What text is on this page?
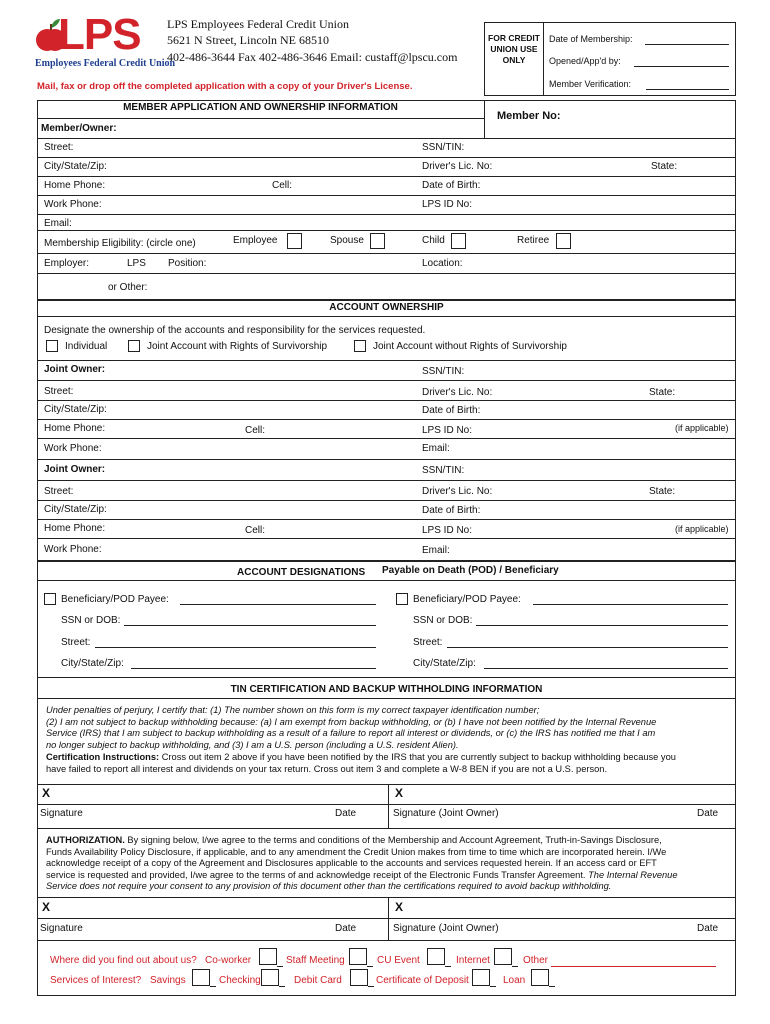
LPS
Employees Federal Credit Union
LPS Employees Federal Credit Union
5621 N Street, Lincoln NE 68510
402-486-3644 Fax 402-486-3646 Email: custaff@lpscu.com
Mail, fax or drop off the completed application with a copy of your Driver's License.
FOR CREDIT UNION USE ONLY
Date of Membership:
Opened/App'd by:
Member Verification:
MEMBER APPLICATION AND OWNERSHIP INFORMATION
Member No:
Member/Owner:
Street:	SSN/TIN:
City/State/Zip:	Driver's Lic. No:	State:
Home Phone:	Cell:	Date of Birth:
Work Phone:	LPS ID No:
Email:
Membership Eligibility: (circle one)	Employee	Spouse	Child	Retiree
Employer:	LPS Position:	Location:
or Other:
ACCOUNT OWNERSHIP
Designate the ownership of the accounts and responsibility for the services requested.
Individual	Joint Account with Rights of Survivorship	Joint Account without Rights of Survivorship
Joint Owner:	SSN/TIN:
Street:	Driver's Lic. No:	State:
City/State/Zip:	Date of Birth:
Home Phone:	Cell:	LPS ID No:	(if applicable)
Work Phone:	Email:
Joint Owner:	SSN/TIN:
Street:	Driver's Lic. No:	State:
City/State/Zip:	Date of Birth:
Home Phone:	Cell:	LPS ID No:	(if applicable)
Work Phone:	Email:
ACCOUNT DESIGNATIONS Payable on Death (POD) / Beneficiary
Beneficiary/POD Payee:
SSN or DOB:
Street:
City/State/Zip:
Beneficiary/POD Payee:
SSN or DOB:
Street:
City/State/Zip:
TIN CERTIFICATION AND BACKUP WITHHOLDING INFORMATION
Under penalties of perjury, I certify that: (1) The number shown on this form is my correct taxpayer identification number;
(2) I am not subject to backup withholding because: (a) I am exempt from backup withholding, or (b) I have not been notified by the Internal Revenue
Service (IRS) that I am subject to backup withholding as a result of a failure to report all interest or dividends, or (c) the IRS has notified me that I am
no longer subject to backup withholding, and (3) I am a U.S. person (including a U.S. resident Alien).
Certification Instructions: Cross out item 2 above if you have been notified by the IRS that you are currently subject to backup withholding because you
have failed to report all interest and dividends on your tax return. Cross out item 3 and complete a W-8 BEN if you are not a U.S. person.
X	X
Signature	Date	Signature (Joint Owner)	Date
AUTHORIZATION. By signing below, I/we agree to the terms and conditions of the Membership and Account Agreement, Truth-in-Savings Disclosure,
Funds Availability Policy Disclosure, if applicable, and to any amendment the Credit Union makes from time to time which are incorporated herein. I/We
acknowledge receipt of a copy of the Agreement and Disclosures applicable to the accounts and services requested herein. If an access card or EFT
service is requested and provided, I/we agree to the terms of and acknowledge receipt of the Electronic Funds Transfer Agreement. The Internal Revenue
Service does not require your consent to any provision of this document other than the certifications required to avoid backup withholding.
X	X
Signature	Date	Signature (Joint Owner)	Date
Where did you find out about us? Co-worker	Staff Meeting	CU Event	Internet	Other
Services of Interest? Savings	Checking	Debit Card	Certificate of Deposit	Loan
